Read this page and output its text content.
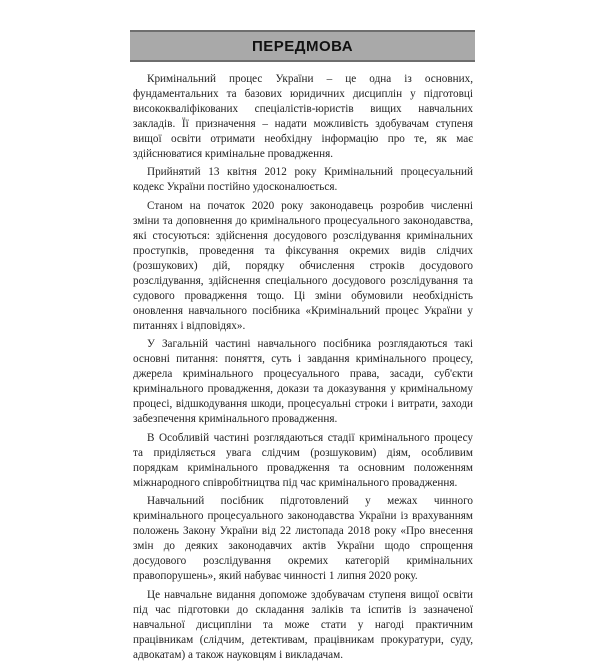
ПЕРЕДМОВА

Кримінальний процес України – це одна із основних, фундаментальних та базових юридичних дисциплін у підготовці висококваліфікованих спеціалістів-юристів вищих навчальних закладів. Її призначення – надати можливість здобувачам ступеня вищої освіти отримати необхідну інформацію про те, як має здійснюватися кримінальне провадження.

Прийнятий 13 квітня 2012 року Кримінальний процесуальний кодекс України постійно удосконалюється.

Станом на початок 2020 року законодавець розробив численні зміни та доповнення до кримінального процесуального законодавства, які стосуються: здійснення досудового розслідування кримінальних проступків, проведення та фіксування окремих видів слідчих (розшукових) дій, порядку обчислення строків досудового розслідування, здійснення спеціального досудового розслідування та судового провадження тощо. Ці зміни обумовили необхідність оновлення навчального посібника «Кримінальний процес України у питаннях і відповідях».

У Загальній частині навчального посібника розглядаються такі основні питання: поняття, суть і завдання кримінального процесу, джерела кримінального процесуального права, засади, суб'єкти кримінального провадження, докази та доказування у кримінальному процесі, відшкодування шкоди, процесуальні строки і витрати, заходи забезпечення кримінального провадження.

В Особливій частині розглядаються стадії кримінального процесу та приділяється увага слідчим (розшуковим) діям, особливим порядкам кримінального провадження та основним положенням міжнародного співробітництва під час кримінального провадження.

Навчальний посібник підготовлений у межах чинного кримінального процесуального законодавства України із врахуванням положень Закону України від 22 листопада 2018 року «Про внесення змін до деяких законодавчих актів України щодо спрощення досудового розслідування окремих категорій кримінальних правопорушень», який набуває чинності 1 липня 2020 року.

Це навчальне видання допоможе здобувачам ступеня вищої освіти під час підготовки до складання заліків та іспитів із зазначеної навчальної дисципліни та може стати у нагоді практичним працівникам (слідчим, детективам, працівникам прокуратури, суду, адвокатам) а також науковцям і викладачам.
